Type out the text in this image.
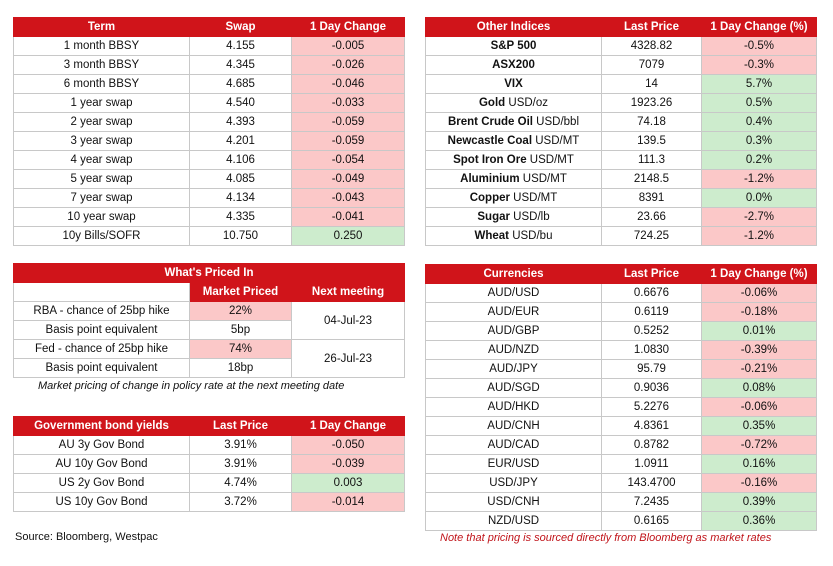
Term	Swap	1 Day Change
1 month BBSY	4.155	-0.005
3 month BBSY	4.345	-0.026
6 month BBSY	4.685	-0.046
1 year swap	4.540	-0.033
2 year swap	4.393	-0.059
3 year swap	4.201	-0.059
4 year swap	4.106	-0.054
5 year swap	4.085	-0.049
7 year swap	4.134	-0.043
10 year swap	4.335	-0.041
10y Bills/SOFR	10.750	0.250
What's Priced In		
	Market Priced	Next meeting
RBA - chance of 25bp hike	22%	04-Jul-23
Basis point equivalent	5bp	
Fed - chance of 25bp hike	74%	26-Jul-23
Basis point equivalent	18bp	
Market pricing of change in policy rate at the next meeting date
Government bond yields	Last Price	1 Day Change
AU 3y Gov Bond	3.91%	-0.050
AU 10y Gov Bond	3.91%	-0.039
US 2y Gov Bond	4.74%	0.003
US 10y Gov Bond	3.72%	-0.014
Source: Bloomberg, Westpac
Other Indices	Last Price	1 Day Change (%)
S&P 500	4328.82	-0.5%
ASX200	7079	-0.3%
VIX	14	5.7%
Gold USD/oz	1923.26	0.5%
Brent Crude Oil USD/bbl	74.18	0.4%
Newcastle Coal USD/MT	139.5	0.3%
Spot Iron Ore USD/MT	111.3	0.2%
Aluminium USD/MT	2148.5	-1.2%
Copper USD/MT	8391	0.0%
Sugar USD/lb	23.66	-2.7%
Wheat USD/bu	724.25	-1.2%
Currencies	Last Price	1 Day Change (%)
AUD/USD	0.6676	-0.06%
AUD/EUR	0.6119	-0.18%
AUD/GBP	0.5252	0.01%
AUD/NZD	1.0830	-0.39%
AUD/JPY	95.79	-0.21%
AUD/SGD	0.9036	0.08%
AUD/HKD	5.2276	-0.06%
AUD/CNH	4.8361	0.35%
AUD/CAD	0.8782	-0.72%
EUR/USD	1.0911	0.16%
USD/JPY	143.4700	-0.16%
USD/CNH	7.2435	0.39%
NZD/USD	0.6165	0.36%
Note that pricing is sourced directly from Bloomberg as market rates
